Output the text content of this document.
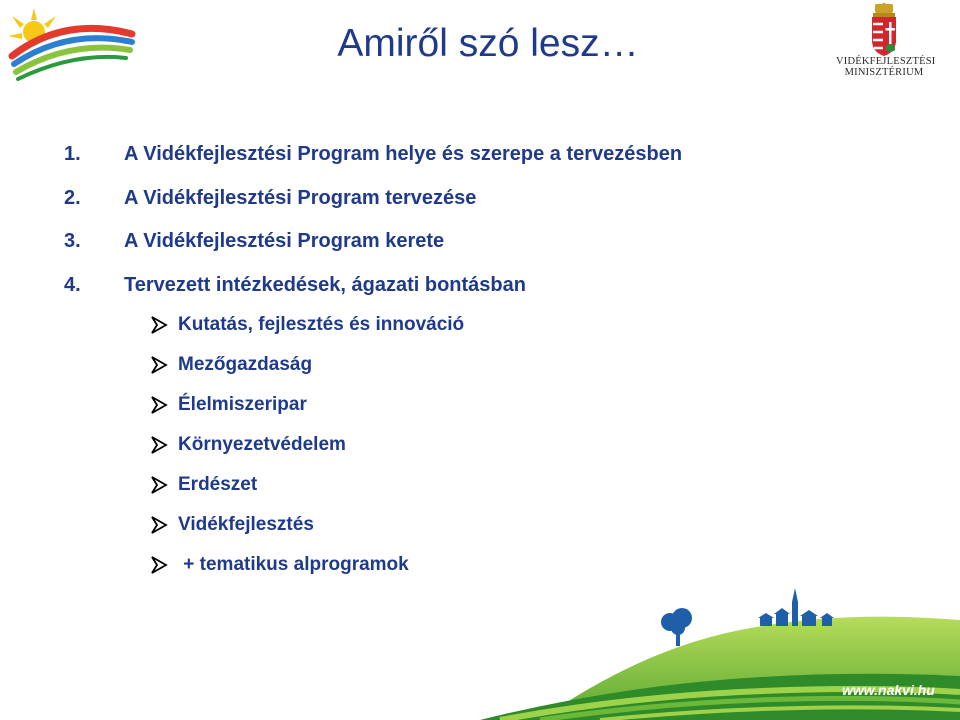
VIDÉKFEJLESZTÉSI
MINISZTÉRIUM
Amiről szó lesz…
1. A Vidékfejlesztési Program helye és szerepe a tervezésben
2. A Vidékfejlesztési Program tervezése
3. A Vidékfejlesztési Program kerete
4. Tervezett intézkedések, ágazati bontásban
Kutatás, fejlesztés és innováció
Mezőgazdaság
Élelmiszeripar
Környezetvédelem
Erdészet
Vidékfejlesztés
+ tematikus alprogramok
www.nakvi.hu
